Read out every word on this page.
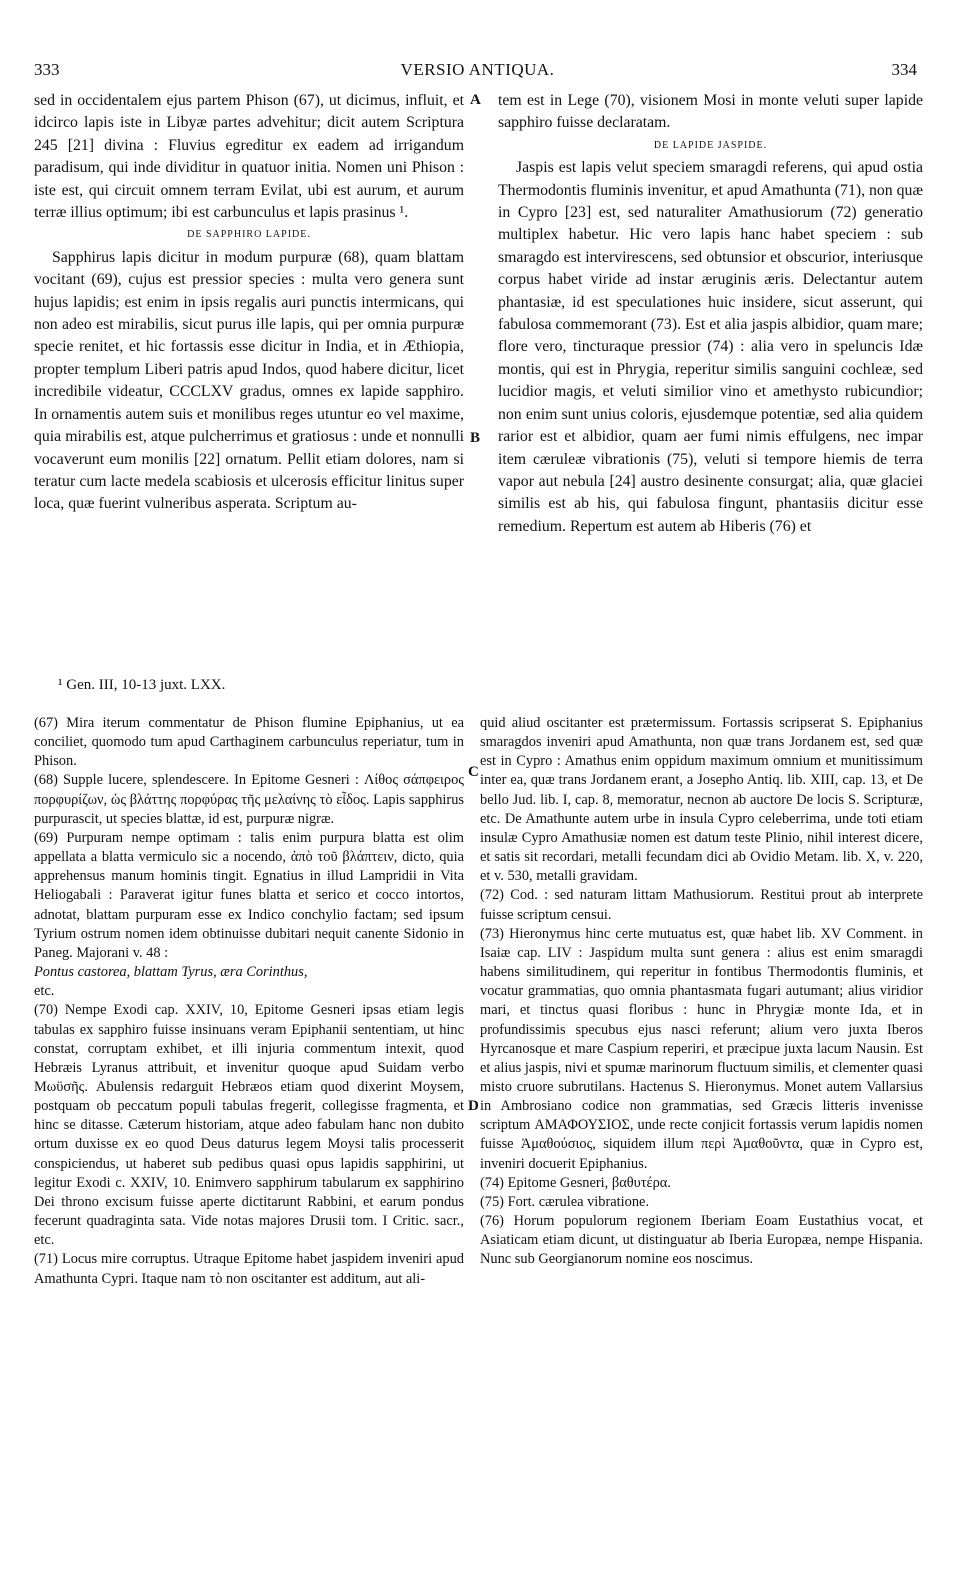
333	VERSIO ANTIQUA.	334

sed in occidentalem ejus partem Phison (67), ut dicimus, influit, et idcirco lapis iste in Libyæ partes advehitur; dicit autem Scriptura 245 [21] divina : Fluvius egreditur ex eadem ad irrigandum paradisum, qui inde dividitur in quatuor initia. Nomen uni Phison : iste est, qui circuit omnem terram Evilat, ubi est aurum, et aurum terræ illius optimum; ibi est carbunculus et lapis prasinus ¹.

DE SAPPHIRO LAPIDE.

Sapphirus lapis dicitur in modum purpuræ (68), quam blattam vocitant (69), cujus est pressior species : multa vero genera sunt hujus lapidis; est enim in ipsis regalis auri punctis intermicans, qui non adeo est mirabilis, sicut purus ille lapis, qui per omnia purpuræ specie renitet, et hic fortassis esse dicitur in India, et in Æthiopia, propter templum Liberi patris apud Indos, quod habere dicitur, licet incredibile videatur, CCCLXV gradus, omnes ex lapide sapphiro. In ornamentis autem suis et monilibus reges utuntur eo vel maxime, quia mirabilis est, atque pulcherrimus et gratiosus : unde et nonnulli vocaverunt eum monilis [22] ornatum. Pellit etiam dolores, nam si teratur cum lacte medela scabiosis et ulcerosis efficitur linitus super loca, quæ fuerint vulneribus asperata. Scriptum au-

tem est in Lege (70), visionem Mosi in monte veluti super lapide sapphiro fuisse declaratam.

DE LAPIDE JASPIDE.

Jaspis est lapis velut speciem smaragdi referens, qui apud ostia Thermodontis fluminis invenitur, et apud Amathunta (71), non quæ in Cypro [23] est, sed naturaliter Amathusiorum (72) generatio multiplex habetur. Hic vero lapis hanc habet speciem : sub smaragdo est intervirescens, sed obtunsior et obscurior, interiusque corpus habet viride ad instar æruginis æris. Delectantur autem phantasiæ, id est speculationes huic insidere, sicut asserunt, qui fabulosa commemorant (73). Est et alia jaspis albidior, quam mare; flore vero, tincturaque pressior (74) : alia vero in speluncis Idæ montis, qui est in Phrygia, reperitur similis sanguini cochleæ, sed lucidior magis, et veluti similior vino et amethysto rubicundior; non enim sunt unius coloris, ejusdemque potentiæ, sed alia quidem rarior est et albidior, quam aer fumi nimis effulgens, nec impar item cæruleæ vibrationis (75), veluti si tempore hiemis de terra vapor aut nebula [24] austro desinente consurgat; alia, quæ glaciei similis est ab his, qui fabulosa fingunt, phantasiis dicitur esse remedium. Repertum est autem ab Hiberis (76) et

A
B
C
D
¹ Gen. III, 10-13 juxt. LXX.

(67) Mira iterum commentatur de Phison flumine Epiphanius, ut ea conciliet, quomodo tum apud Carthaginem carbunculus reperiatur, tum in Phison.

(68) Supple lucere, splendescere. In Epitome Gesneri : Λίθος σάπφειρος πορφυρίζων, ὡς βλάττης πορφύρας τῆς μελαίνης τὸ εἶδος. Lapis sapphirus purpurascit, ut species blattæ, id est, purpuræ nigræ.

(69) Purpuram nempe optimam : talis enim purpura blatta est olim appellata a blatta vermiculo sic a nocendo, ἀπὸ τοῦ βλάπτειν, dicto, quia apprehensus manum hominis tingit. Egnatius in illud Lampridii in Vita Heliogabali : Paraverat igitur funes blatta et serico et cocco intortos, adnotat, blattam purpuram esse ex Indico conchylio factam; sed ipsum Tyrium ostrum nomen idem obtinuisse dubitari nequit canente Sidonio in Paneg. Majorani v. 48 :

Pontus castorea, blattam Tyrus, æra Corinthus,

etc.

(70) Nempe Exodi cap. XXIV, 10, Epitome Gesneri ipsas etiam legis tabulas ex sapphiro fuisse insinuans veram Epiphanii sententiam, ut hinc constat, corruptam exhibet, et illi injuria commentum intexit, quod Hebræis Lyranus attribuit, et invenitur quoque apud Suidam verbo Μωϋσῆς. Abulensis redarguit Hebræos etiam quod dixerint Moysem, postquam ob peccatum populi tabulas fregerit, collegisse fragmenta, et hinc se ditasse. Cæterum historiam, atque adeo fabulam hanc non dubito ortum duxisse ex eo quod Deus daturus legem Moysi talis processerit conspiciendus, ut haberet sub pedibus quasi opus lapidis sapphirini, ut legitur Exodi c. XXIV, 10. Enimvero sapphirum tabularum ex sapphirino Dei throno excisum fuisse aperte dictitarunt Rabbini, et earum pondus fecerunt quadraginta sata. Vide notas majores Drusii tom. I Critic. sacr., etc.

(71) Locus mire corruptus. Utraque Epitome habet jaspidem inveniri apud Amathunta Cypri. Itaque nam τὸ non oscitanter est additum, aut ali-

quid aliud oscitanter est prætermissum. Fortassis scripserat S. Epiphanius smaragdos inveniri apud Amathunta, non quæ trans Jordanem est, sed quæ est in Cypro : Amathus enim oppidum maximum omnium et munitissimum inter ea, quæ trans Jordanem erant, a Josepho Antiq. lib. XIII, cap. 13, et De bello Jud. lib. I, cap. 8, memoratur, necnon ab auctore De locis S. Scripturæ, etc. De Amathunte autem urbe in insula Cypro celeberrima, unde toti etiam insulæ Cypro Amathusiæ nomen est datum teste Plinio, nihil interest dicere, et satis sit recordari, metalli fecundam dici ab Ovidio Metam. lib. X, v. 220, et v. 530, metalli gravidam.

(72) Cod. : sed naturam littam Mathusiorum. Restitui prout ab interprete fuisse scriptum censui.

(73) Hieronymus hinc certe mutuatus est, quæ habet lib. XV Comment. in Isaiæ cap. LIV : Jaspidum multa sunt genera : alius est enim smaragdi habens similitudinem, qui reperitur in fontibus Thermodontis fluminis, et vocatur grammatias, quo omnia phantasmata fugari autumant; alius viridior mari, et tinctus quasi floribus : hunc in Phrygiæ monte Ida, et in profundissimis specubus ejus nasci referunt; alium vero juxta Iberos Hyrcanosque et mare Caspium reperiri, et præcipue juxta lacum Nausin. Est et alius jaspis, nivi et spumæ marinorum fluctuum similis, et clementer quasi misto cruore subrutilans. Hactenus S. Hieronymus. Monet autem Vallarsius in Ambrosiano codice non grammatias, sed Græcis litteris invenisse scriptum ΑΜΑΦΟΥΣΙΟΣ, unde recte conjicit fortassis verum lapidis nomen fuisse Ἀμαθούσιος, siquidem illum περὶ Ἀμαθοῦντα, quæ in Cypro est, inveniri docuerit Epiphanius.

(74) Epitome Gesneri, βαθυτέρα.

(75) Fort. cærulea vibratione.

(76) Horum populorum regionem Iberiam Eoam Eustathius vocat, et Asiaticam etiam dicunt, ut distinguatur ab Iberia Europæa, nempe Hispania. Nunc sub Georgianorum nomine eos noscimus.
